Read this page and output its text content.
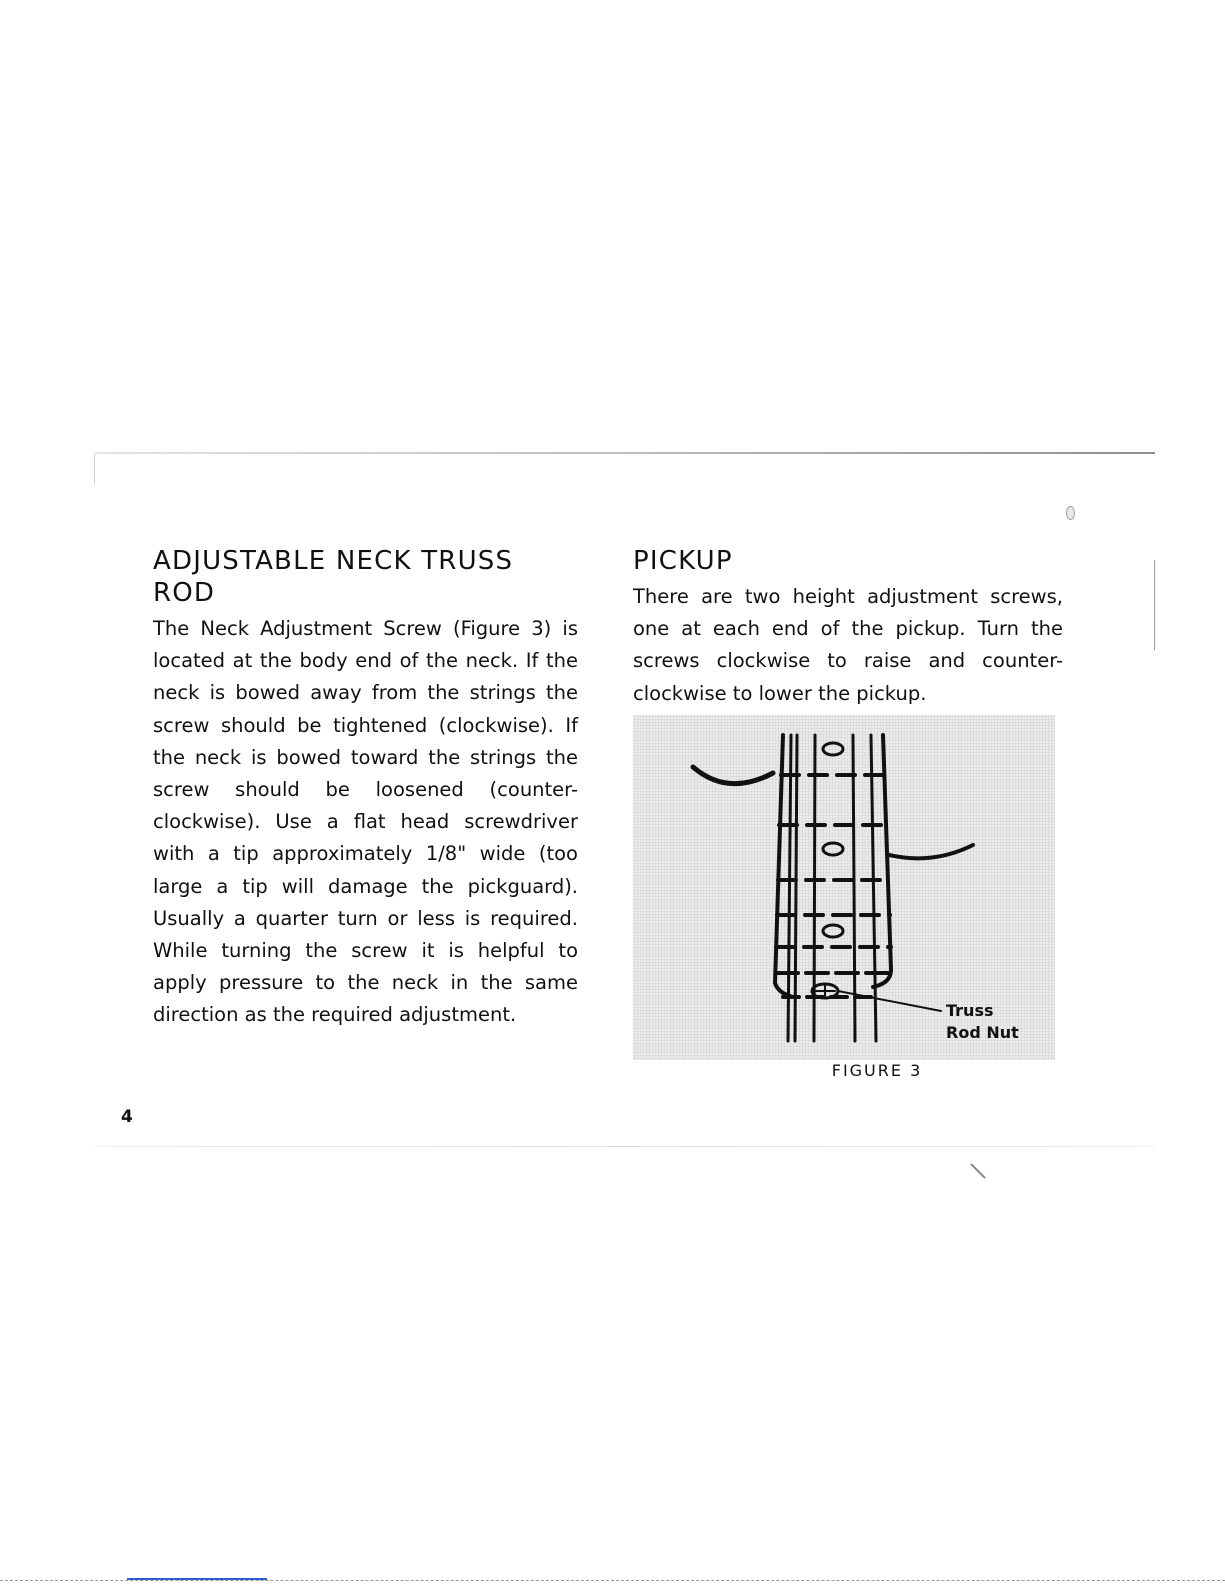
ADJUSTABLE NECK TRUSS ROD

The Neck Adjustment Screw (Figure 3) is located at the body end of the neck. If the neck is bowed away from the strings the screw should be tightened (clockwise). If the neck is bowed toward the strings the screw should be loosened (counter-clockwise). Use a flat head screwdriver with a tip approximately 1/8" wide (too large a tip will damage the pickguard). Usually a quarter turn or less is required. While turning the screw it is helpful to apply pressure to the neck in the same direction as the required adjustment.

PICKUP

There are two height adjustment screws, one at each end of the pickup. Turn the screws clockwise to raise and counter-clockwise to lower the pickup.

Truss
Rod Nut
FIGURE 3
4
